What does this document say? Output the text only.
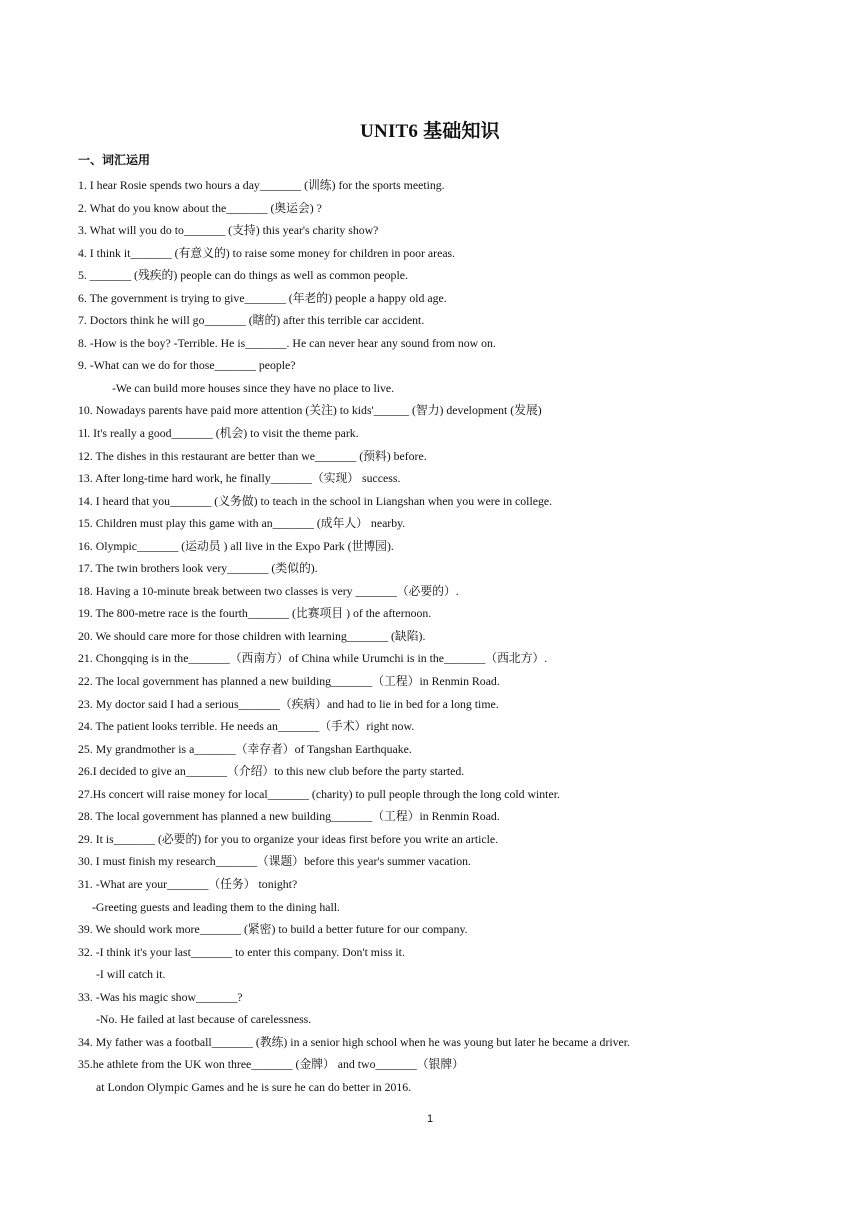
UNIT6 基础知识
一、词汇运用
1. I hear Rosie spends two hours a day_______ (训练) for the sports meeting.
2. What do you know about the_______ (奥运会) ?
3. What will you do to_______ (支持) this year's charity show?
4. I think it_______ (有意义的) to raise some money for children in poor areas.
5. _______ (残疾的) people can do things as well as common people.
6. The government is trying to give_______ (年老的) people a happy old age.
7. Doctors think he will go_______ (瞎的) after this terrible car accident.
8. -How is the boy? -Terrible. He is_______. He can never hear any sound from now on.
9. -What can we do for those_______ people?
-We can build more houses since they have no place to live.
10. Nowadays parents have paid more attention (关注) to kids'______ (智力) development (发展)
1l. It's really a good_______ (机会) to visit the theme park.
12. The dishes in this restaurant are better than we_______ (预料) before.
13. After long-time hard work, he finally_______（实现） success.
14. I heard that you_______ (义务做) to teach in the school in Liangshan when you were in college.
15. Children must play this game with an_______ (成年人） nearby.
16. Olympic_______ (运动员 ) all live in the Expo Park (世博园).
17. The twin brothers look very_______ (类似的).
18. Having a 10-minute break between two classes is very _______（必要的）.
19. The 800-metre race is the fourth_______ (比赛项目 ) of the afternoon.
20. We should care more for those children with learning_______ (缺陷).
21. Chongqing is in the_______（西南方）of China while Urumchi is in the_______（西北方）.
22. The local government has planned a new building_______（工程）in Renmin Road.
23. My doctor said I had a serious_______（疾病）and had to lie in bed for a long time.
24. The patient looks terrible. He needs an_______（手术）right now.
25. My grandmother is a_______（幸存者）of Tangshan Earthquake.
26.I decided to give an_______（介绍）to this new club before the party started.
27.Hs concert will raise money for local_______ (charity) to pull people through the long cold winter.
28. The local government has planned a new building_______（工程）in Renmin Road.
29. It is_______ (必要的) for you to organize your ideas first before you write an article.
30. I must finish my research_______（课题）before this year's summer vacation.
31. -What are your_______（任务） tonight?
-Greeting guests and leading them to the dining hall.
39. We should work more_______ (紧密) to build a better future for our company.
32. -I think it's your last_______ to enter this company. Don't miss it.
-I will catch it.
33. -Was his magic show_______?
-No. He failed at last because of carelessness.
34. My father was a football_______ (教练) in a senior high school when he was young but later he became a driver.
35.he athlete from the UK won three_______ (金牌） and two_______（银牌）
at London Olympic Games and he is sure he can do better in 2016.
1
